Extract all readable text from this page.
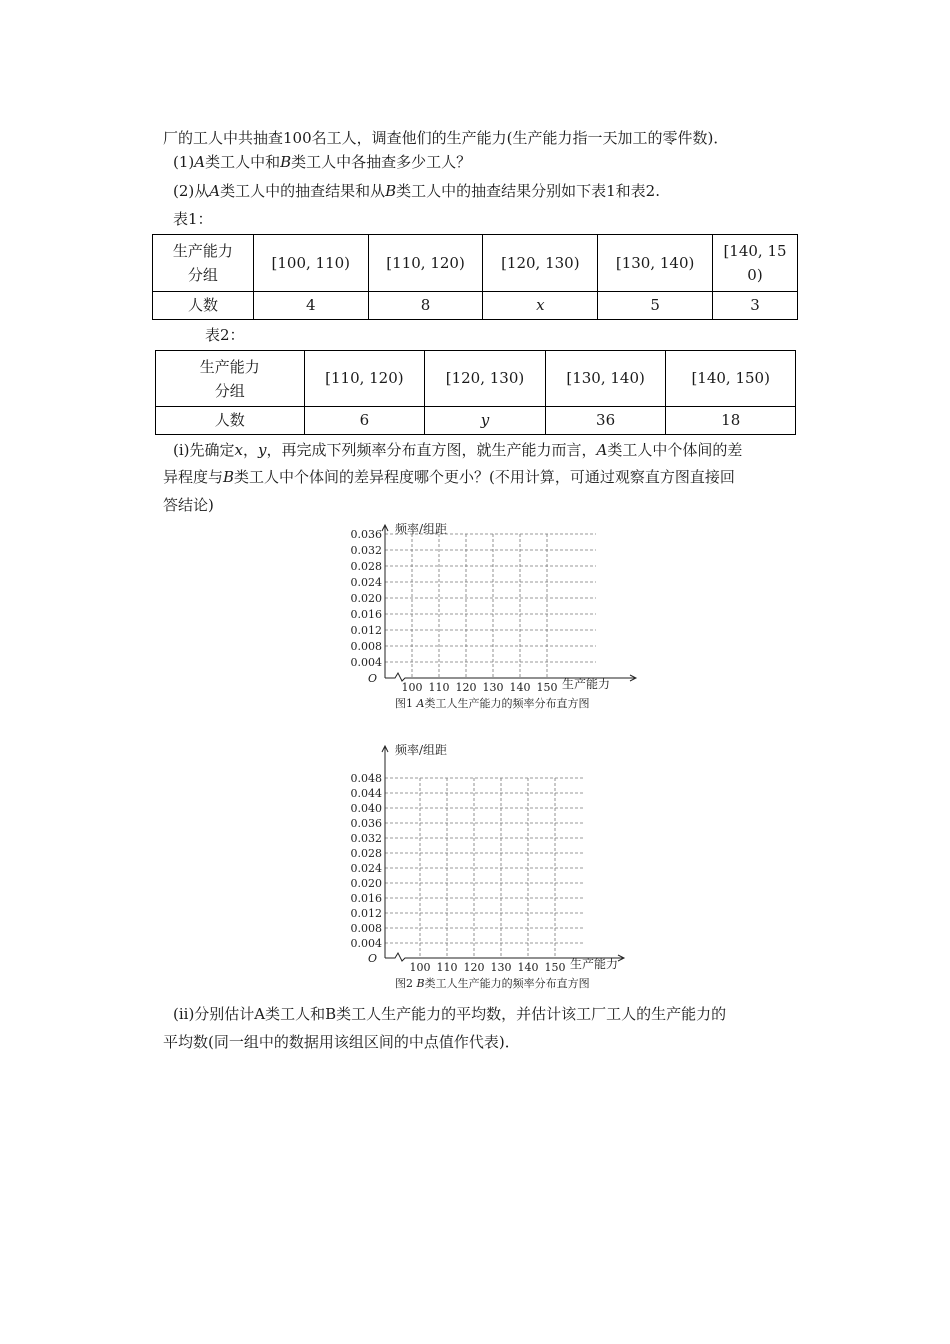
厂的工人中共抽查100名工人，调查他们的生产能力(生产能力指一天加工的零件数)．
(1)A类工人中和B类工人中各抽查多少工人？
(2)从A类工人中的抽查结果和从B类工人中的抽查结果分别如下表1和表2.
表1：
生产能力分组	[100, 110)	[110, 120)	[120, 130)	[130, 140)	[140, 150)

人数	4	8	x	5	3
表2：
生产能力分组	[110, 120)	[120, 130)	[130, 140)	[140, 150)
人数	6	y	36	18
(i)先确定x，y，再完成下列频率分布直方图，就生产能力而言，A类工人中个体间的差
异程度与B类工人中个体间的差异程度哪个更小？(不用计算，可通过观察直方图直接回
答结论)
0.004
0.008
0.012
0.016
0.020
0.024
0.028
0.032
0.036
100 110 120 130 140 150 生产能力
O
频率/组距
图1 A类工人生产能力的频率分布直方图
0.004
0.008
0.012
0.016
0.020
0.024
0.028
0.032
0.036
0.040
0.044
0.048
100 110 120 130 140 150 生产能力
O
频率/组距
图2 B类工人生产能力的频率分布直方图
(ii)分别估计A类工人和B类工人生产能力的平均数，并估计该工厂工人的生产能力的
平均数(同一组中的数据用该组区间的中点值作代表)．
